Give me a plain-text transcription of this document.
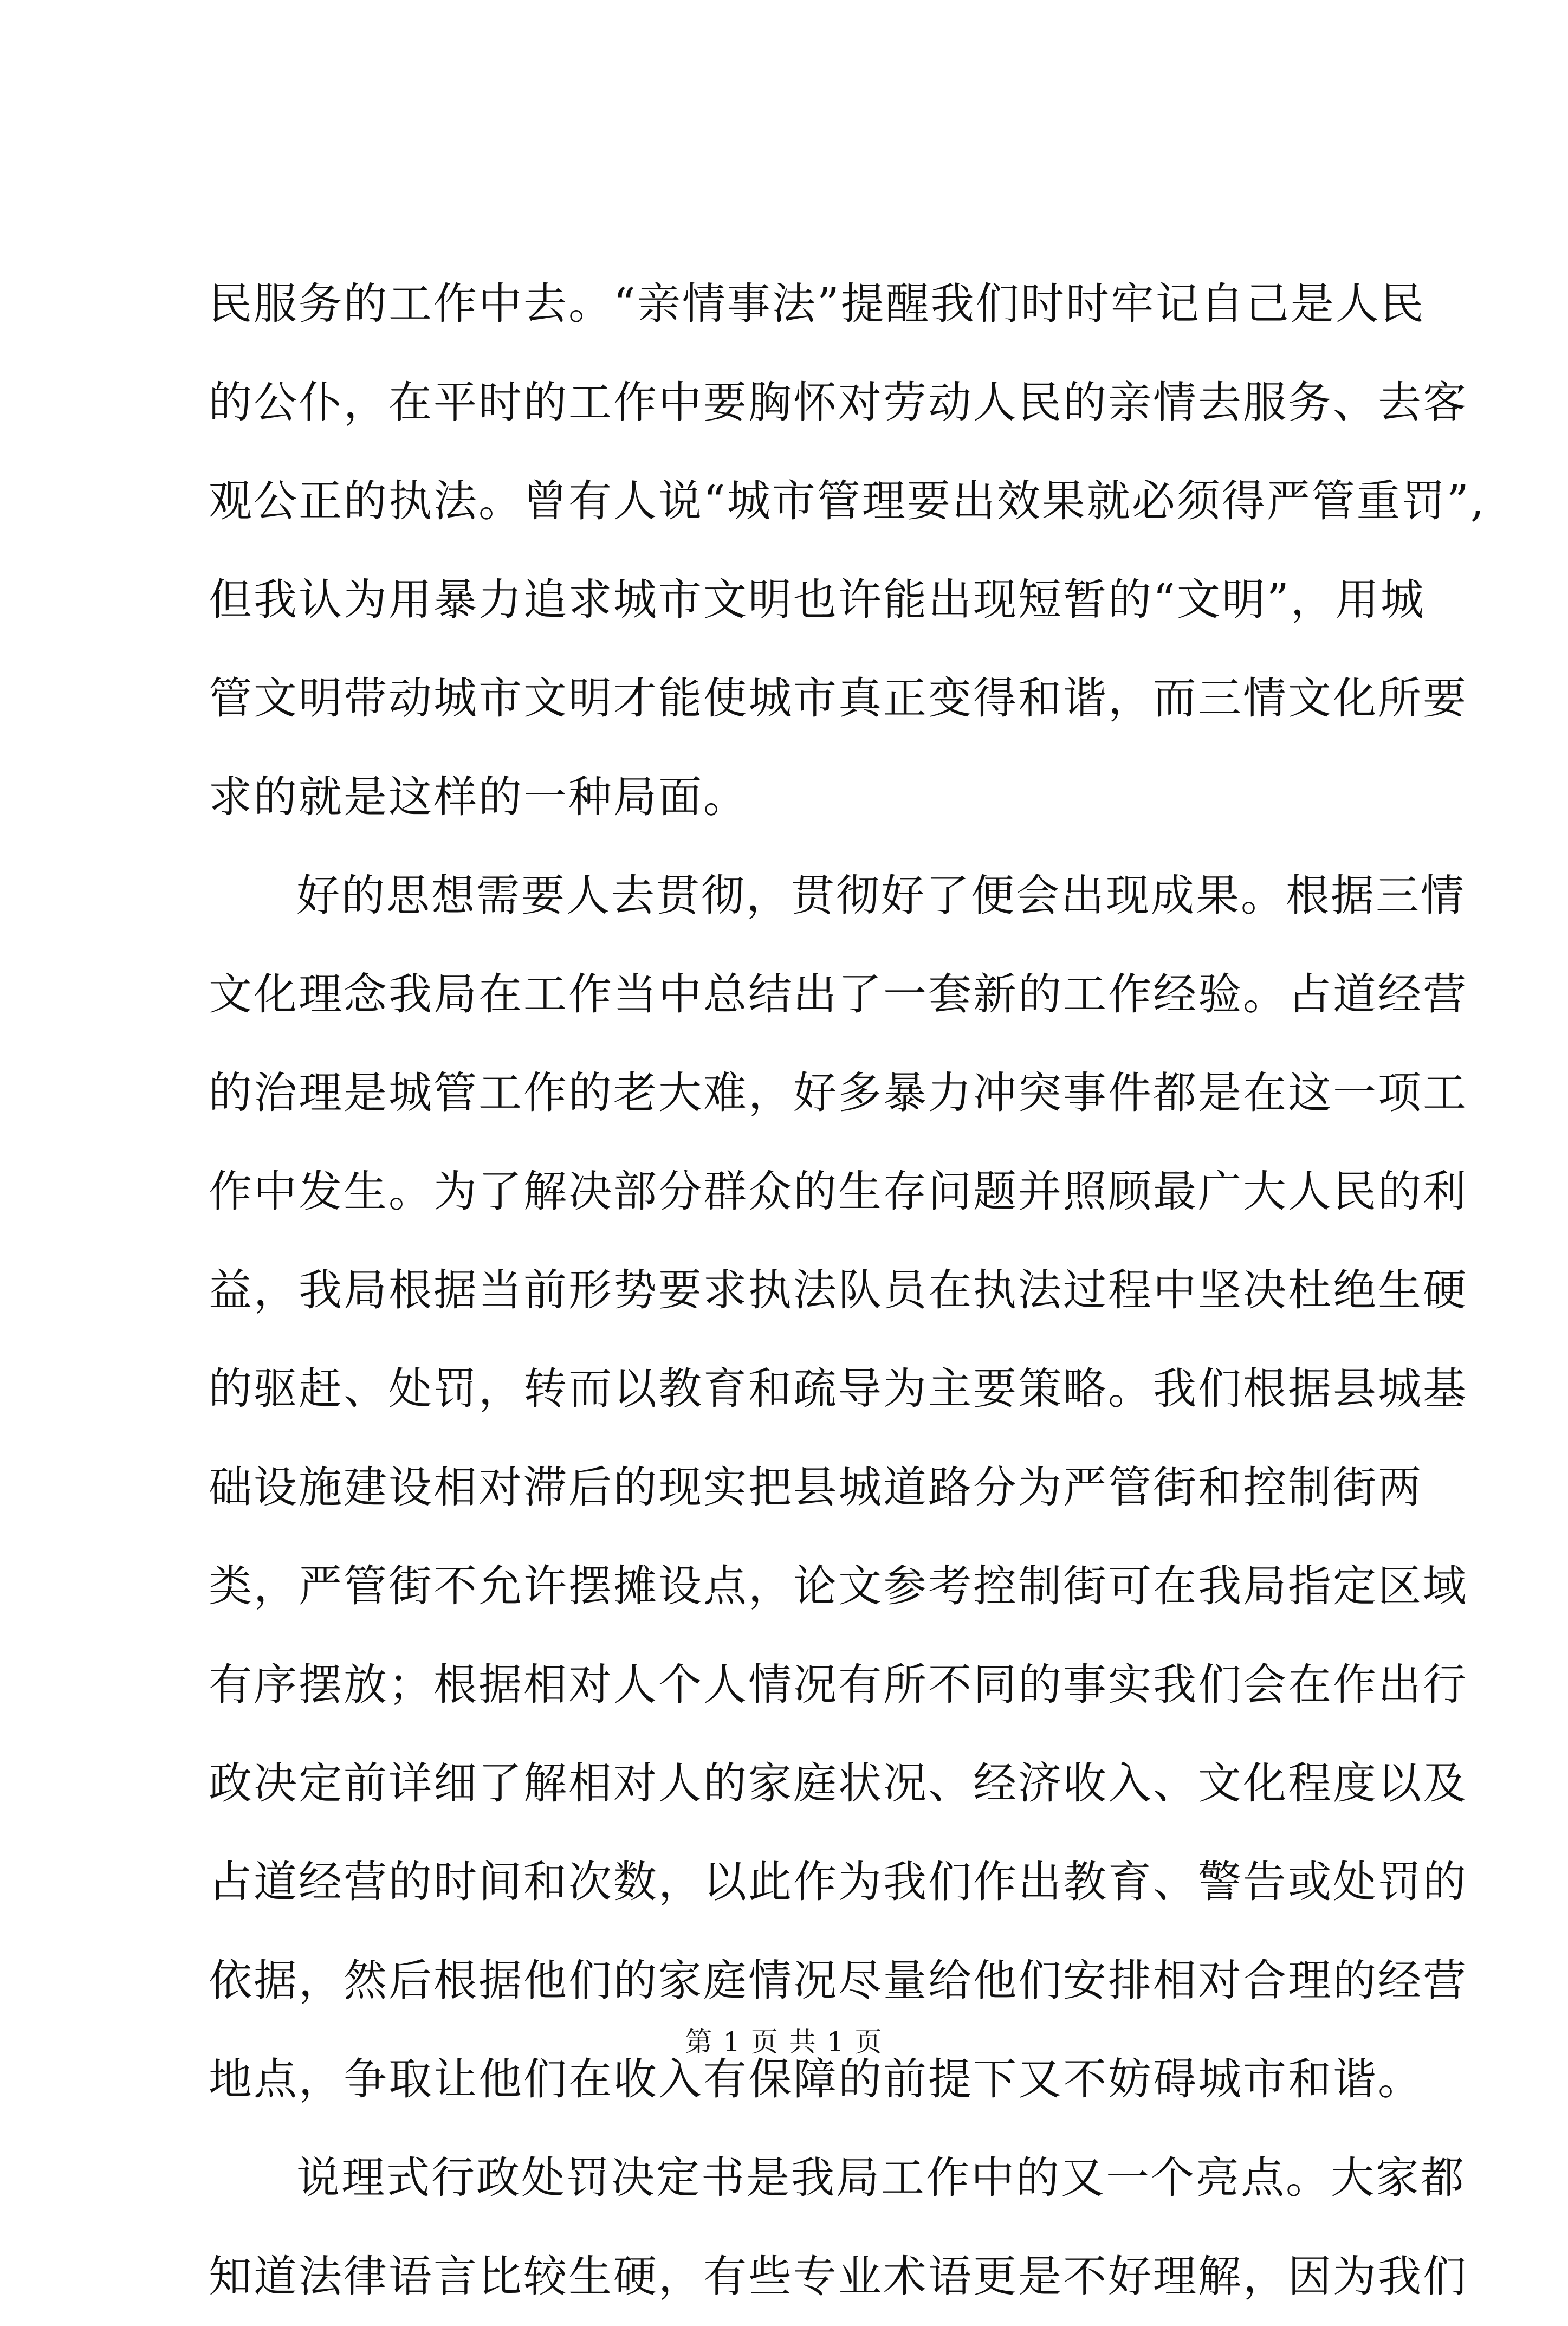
民服务的工作中去。“亲情事法”提醒我们时时牢记自己是人民
的公仆，在平时的工作中要胸怀对劳动人民的亲情去服务、去客
观公正的执法。曾有人说“城市管理要出效果就必须得严管重罚”,
但我认为用暴力追求城市文明也许能出现短暂的“文明”，用城
管文明带动城市文明才能使城市真正变得和谐，而三情文化所要
求的就是这样的一种局面。
好的思想需要人去贯彻，贯彻好了便会出现成果。根据三情
文化理念我局在工作当中总结出了一套新的工作经验。占道经营
的治理是城管工作的老大难，好多暴力冲突事件都是在这一项工
作中发生。为了解决部分群众的生存问题并照顾最广大人民的利
益，我局根据当前形势要求执法队员在执法过程中坚决杜绝生硬
的驱赶、处罚，转而以教育和疏导为主要策略。我们根据县城基
础设施建设相对滞后的现实把县城道路分为严管街和控制街两
类，严管街不允许摆摊设点，论文参考控制街可在我局指定区域
有序摆放；根据相对人个人情况有所不同的事实我们会在作出行
政决定前详细了解相对人的家庭状况、经济收入、文化程度以及
占道经营的时间和次数，以此作为我们作出教育、警告或处罚的
依据，然后根据他们的家庭情况尽量给他们安排相对合理的经营
地点，争取让他们在收入有保障的前提下又不妨碍城市和谐。
说理式行政处罚决定书是我局工作中的又一个亮点。大家都
知道法律语言比较生硬，有些专业术语更是不好理解，因为我们
第 1 页 共 1 页
